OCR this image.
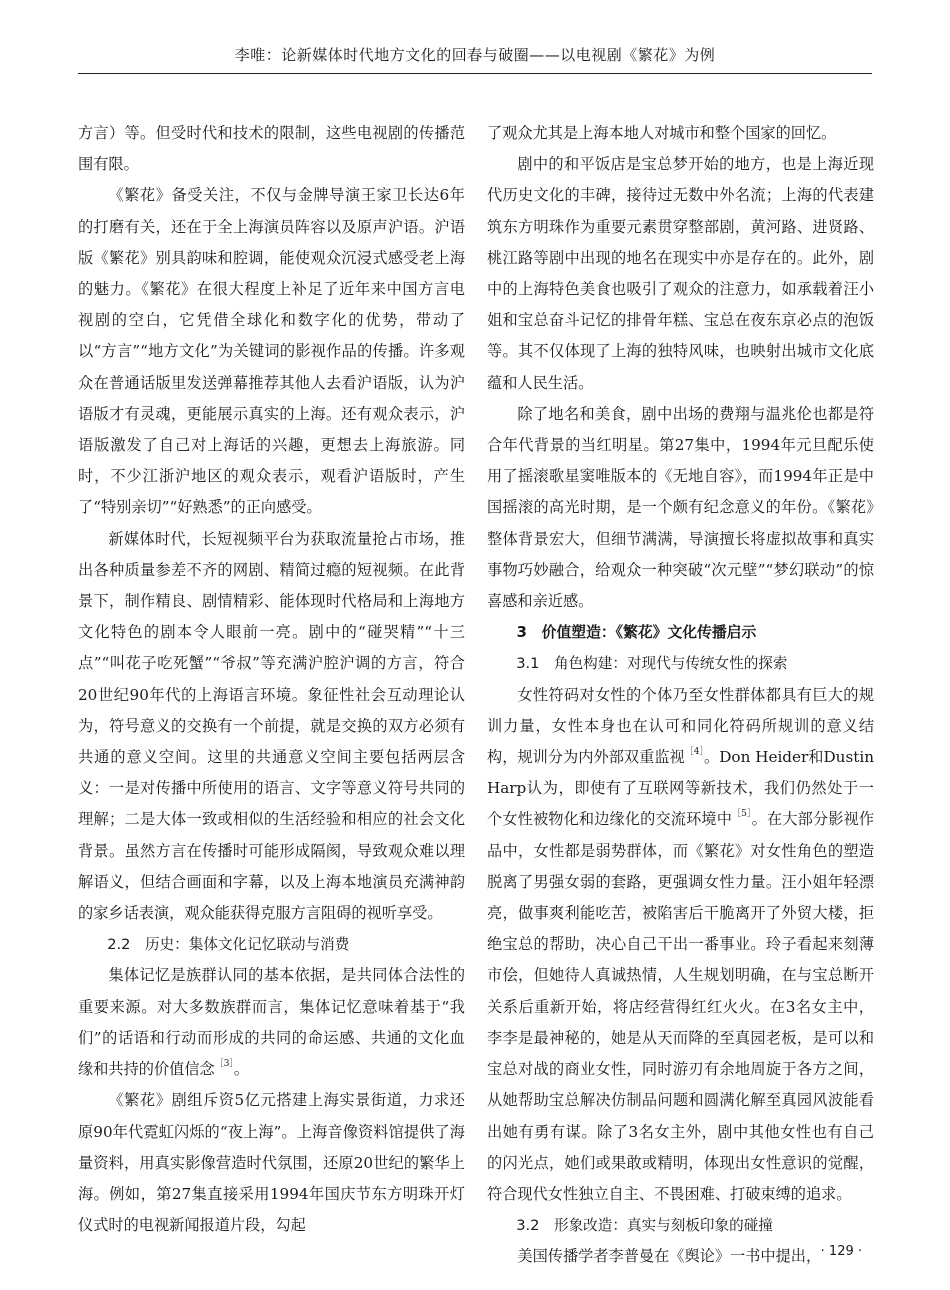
李唯：论新媒体时代地方文化的回春与破圈——以电视剧《繁花》为例

方言）等。但受时代和技术的限制，这些电视剧的传播范围有限。

《繁花》备受关注，不仅与金牌导演王家卫长达6年的打磨有关，还在于全上海演员阵容以及原声沪语。沪语版《繁花》别具韵味和腔调，能使观众沉浸式感受老上海的魅力。《繁花》在很大程度上补足了近年来中国方言电视剧的空白，它凭借全球化和数字化的优势，带动了以“方言”“地方文化”为关键词的影视作品的传播。许多观众在普通话版里发送弹幕推荐其他人去看沪语版，认为沪语版才有灵魂，更能展示真实的上海。还有观众表示，沪语版激发了自己对上海话的兴趣，更想去上海旅游。同时，不少江浙沪地区的观众表示，观看沪语版时，产生了“特别亲切”“好熟悉”的正向感受。

新媒体时代，长短视频平台为获取流量抢占市场，推出各种质量参差不齐的网剧、精简过瘾的短视频。在此背景下，制作精良、剧情精彩、能体现时代格局和上海地方文化特色的剧本令人眼前一亮。剧中的“碰哭精”“十三点”“叫花子吃死蟹”“爷叔”等充满沪腔沪调的方言，符合20世纪90年代的上海语言环境。象征性社会互动理论认为，符号意义的交换有一个前提，就是交换的双方必须有共通的意义空间。这里的共通意义空间主要包括两层含义：一是对传播中所使用的语言、文字等意义符号共同的理解；二是大体一致或相似的生活经验和相应的社会文化背景。虽然方言在传播时可能形成隔阂，导致观众难以理解语义，但结合画面和字幕，以及上海本地演员充满神韵的家乡话表演，观众能获得克服方言阻碍的视听享受。

2.2　历史：集体文化记忆联动与消费

集体记忆是族群认同的基本依据，是共同体合法性的重要来源。对大多数族群而言，集体记忆意味着基于“我们”的话语和行动而形成的共同的命运感、共通的文化血缘和共持的价值信念$^{[3]}$。

《繁花》剧组斥资5亿元搭建上海实景街道，力求还原90年代霓虹闪烁的“夜上海”。上海音像资料馆提供了海量资料，用真实影像营造时代氛围，还原20世纪的繁华上海。例如，第27集直接采用1994年国庆节东方明珠开灯仪式时的电视新闻报道片段，勾起

了观众尤其是上海本地人对城市和整个国家的回忆。

剧中的和平饭店是宝总梦开始的地方，也是上海近现代历史文化的丰碑，接待过无数中外名流；上海的代表建筑东方明珠作为重要元素贯穿整部剧，黄河路、进贤路、桃江路等剧中出现的地名在现实中亦是存在的。此外，剧中的上海特色美食也吸引了观众的注意力，如承载着汪小姐和宝总奋斗记忆的排骨年糕、宝总在夜东京必点的泡饭等。其不仅体现了上海的独特风味，也映射出城市文化底蕴和人民生活。

除了地名和美食，剧中出场的费翔与温兆伦也都是符合年代背景的当红明星。第27集中，1994年元旦配乐使用了摇滚歌星窦唯版本的《无地自容》，而1994年正是中国摇滚的高光时期，是一个颇有纪念意义的年份。《繁花》整体背景宏大，但细节满满，导演擅长将虚拟故事和真实事物巧妙融合，给观众一种突破“次元壁”“梦幻联动”的惊喜感和亲近感。

3　价值塑造：《繁花》文化传播启示

3.1　角色构建：对现代与传统女性的探索

女性符码对女性的个体乃至女性群体都具有巨大的规训力量，女性本身也在认可和同化符码所规训的意义结构，规训分为内外部双重监视$^{[4]}$。Don Heider和Dustin Harp认为，即使有了互联网等新技术，我们仍然处于一个女性被物化和边缘化的交流环境中$^{[5]}$。在大部分影视作品中，女性都是弱势群体，而《繁花》对女性角色的塑造脱离了男强女弱的套路，更强调女性力量。汪小姐年轻漂亮，做事爽利能吃苦，被陷害后干脆离开了外贸大楼，拒绝宝总的帮助，决心自己干出一番事业。玲子看起来刻薄市侩，但她待人真诚热情，人生规划明确，在与宝总断开关系后重新开始，将店经营得红红火火。在3名女主中，李李是最神秘的，她是从天而降的至真园老板，是可以和宝总对战的商业女性，同时游刃有余地周旋于各方之间，从她帮助宝总解决仿制品问题和圆满化解至真园风波能看出她有勇有谋。除了3名女主外，剧中其他女性也有自己的闪光点，她们或果敢或精明，体现出女性意识的觉醒，符合现代女性独立自主、不畏困难、打破束缚的追求。

3.2　形象改造：真实与刻板印象的碰撞

美国传播学者李普曼在《舆论》一书中提出， · 129 ·
